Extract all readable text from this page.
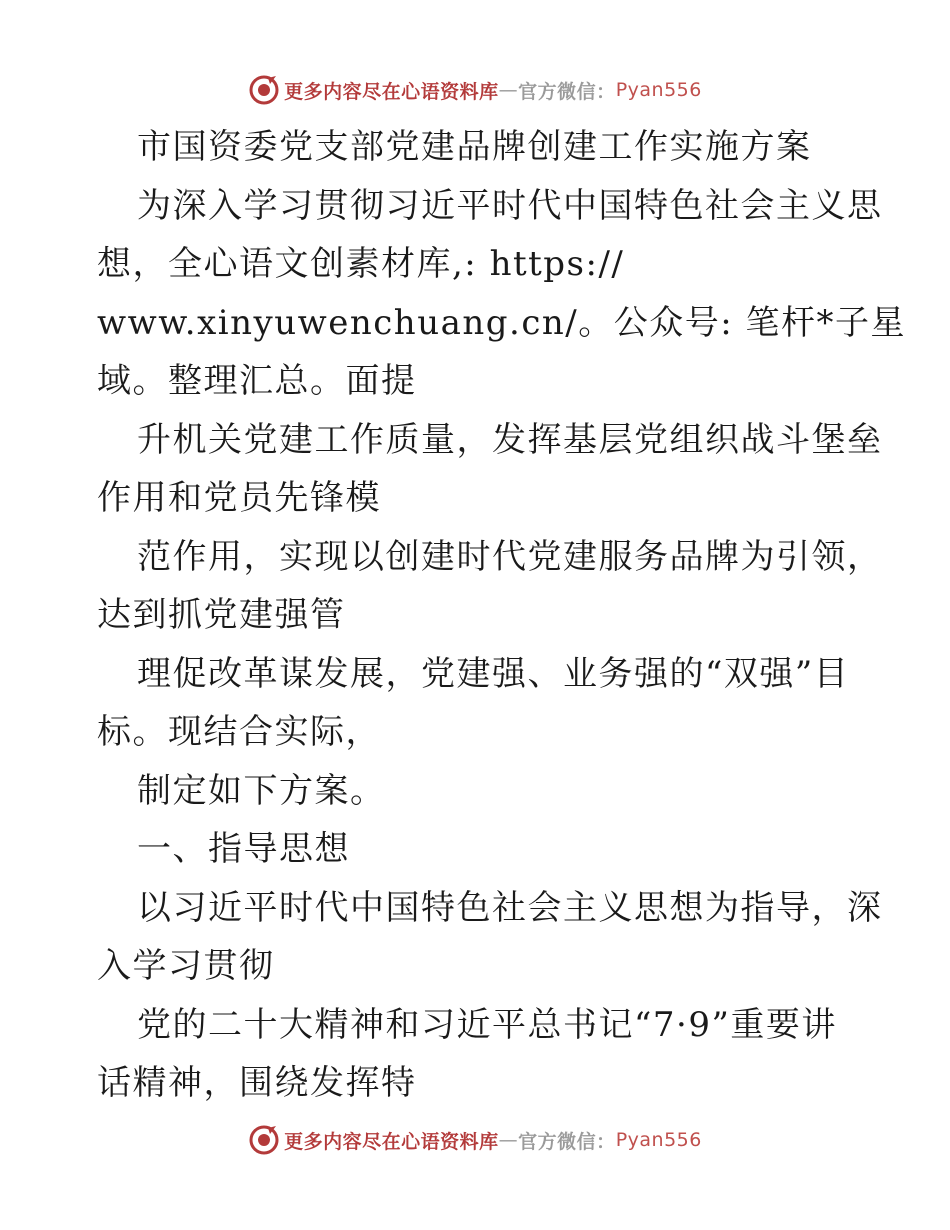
更多内容尽在心语资料库 — 官方微信： Pyan556
市国资委党支部党建品牌创建工作实施方案
为深入学习贯彻习近平时代中国特色社会主义思
想，全心语文创素材库,: https://
www.xinyuwenchuang.cn/。公众号: 笔杆*子星
域。整理汇总。面提
升机关党建工作质量，发挥基层党组织战斗堡垒
作用和党员先锋模
范作用，实现以创建时代党建服务品牌为引领，
达到抓党建强管
理促改革谋发展，党建强、业务强的“双强”目
标。现结合实际，
制定如下方案。
一、指导思想
以习近平时代中国特色社会主义思想为指导，深
入学习贯彻
党的二十大精神和习近平总书记“7·9”重要讲
话精神，围绕发挥特
更多内容尽在心语资料库 — 官方微信： Pyan556
